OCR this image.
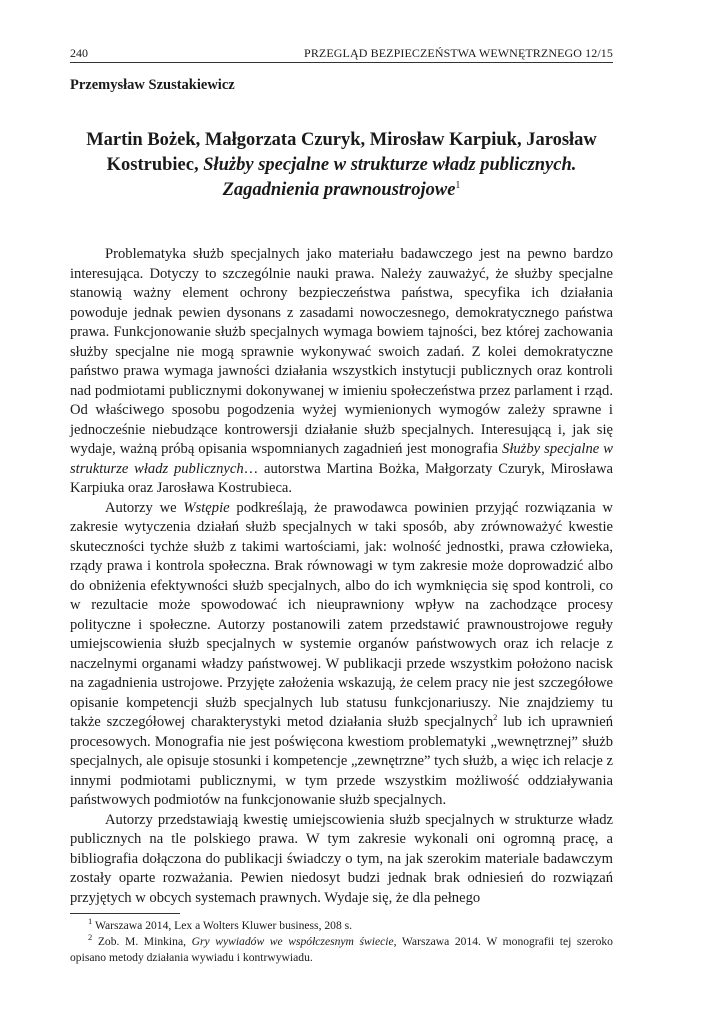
240	PRZEGLĄD BEZPIECZEŃSTWA WEWNĘTRZNEGO 12/15
Przemysław Szustakiewicz
Martin Bożek, Małgorzata Czuryk, Mirosław Karpiuk, Jarosław Kostrubiec, Służby specjalne w strukturze władz publicznych. Zagadnienia prawnoustrojowe$^1$

Problematyka służb specjalnych jako materiału badawczego jest na pewno bardzo interesująca. Dotyczy to szczególnie nauki prawa. Należy zauważyć, że służby specjalne stanowią ważny element ochrony bezpieczeństwa państwa, specyfika ich działania powoduje jednak pewien dysonans z zasadami nowoczesnego, demokratycznego państwa prawa. Funkcjonowanie służb specjalnych wymaga bowiem tajności, bez której zachowania służby specjalne nie mogą sprawnie wykonywać swoich zadań. Z kolei demokratyczne państwo prawa wymaga jawności działania wszystkich instytucji publicznych oraz kontroli nad podmiotami publicznymi dokonywanej w imieniu społeczeństwa przez parlament i rząd. Od właściwego sposobu pogodzenia wyżej wymienionych wymogów zależy sprawne i jednocześnie niebudzące kontrowersji działanie służb specjalnych. Interesującą i, jak się wydaje, ważną próbą opisania wspomnianych zagadnień jest monografia Służby specjalne w strukturze władz publicznych… autorstwa Martina Bożka, Małgorzaty Czuryk, Mirosława Karpiuka oraz Jarosława Kostrubieca.

Autorzy we Wstępie podkreślają, że prawodawca powinien przyjąć rozwiązania w zakresie wytyczenia działań służb specjalnych w taki sposób, aby zrównoważyć kwestie skuteczności tychże służb z takimi wartościami, jak: wolność jednostki, prawa człowieka, rządy prawa i kontrola społeczna. Brak równowagi w tym zakresie może doprowadzić albo do obniżenia efektywności służb specjalnych, albo do ich wymknięcia się spod kontroli, co w rezultacie może spowodować ich nieuprawniony wpływ na zachodzące procesy polityczne i społeczne. Autorzy postanowili zatem przedstawić prawnoustrojowe reguły umiejscowienia służb specjalnych w systemie organów państwowych oraz ich relacje z naczelnymi organami władzy państwowej. W publikacji przede wszystkim położono nacisk na zagadnienia ustrojowe. Przyjęte założenia wskazują, że celem pracy nie jest szczegółowe opisanie kompetencji służb specjalnych lub statusu funkcjonariuszy. Nie znajdziemy tu także szczegółowej charakterystyki metod działania służb specjalnych$^2$ lub ich uprawnień procesowych. Monografia nie jest poświęcona kwestiom problematyki „wewnętrznej” służb specjalnych, ale opisuje stosunki i kompetencje „zewnętrzne” tych służb, a więc ich relacje z innymi podmiotami publicznymi, w tym przede wszystkim możliwość oddziaływania państwowych podmiotów na funkcjonowanie służb specjalnych.

Autorzy przedstawiają kwestię umiejscowienia służb specjalnych w strukturze władz publicznych na tle polskiego prawa. W tym zakresie wykonali oni ogromną pracę, a bibliografia dołączona do publikacji świadczy o tym, na jak szerokim materiale badawczym zostały oparte rozważania. Pewien niedosyt budzi jednak brak odniesień do rozwiązań przyjętych w obcych systemach prawnych. Wydaje się, że dla pełnego

$^1$ Warszawa 2014, Lex a Wolters Kluwer business, 208 s.

$^2$ Zob. M. Minkina, Gry wywiadów we współczesnym świecie, Warszawa 2014. W monografii tej szeroko opisano metody działania wywiadu i kontrwywiadu.
